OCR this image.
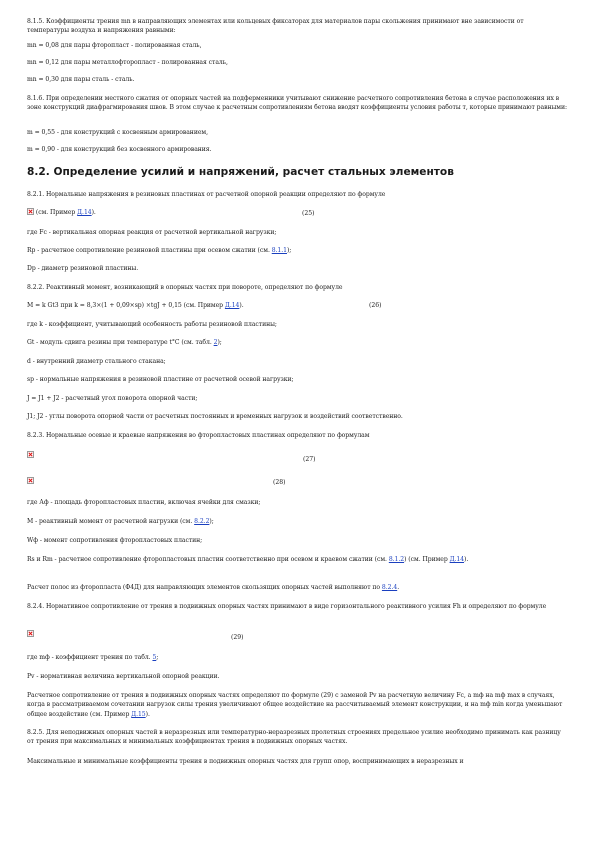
8.1.5. Коэффициенты трения mn в направляющих элементах или кольцевых фиксаторах для материалов пары скольжения принимают вне зависимости от температуры воздуха и напряжения равными:
mn = 0,08 для пары фторопласт - полированная сталь,
mn = 0,12 для пары металлофторопласт - полированная сталь,
mn = 0,30 для пары сталь - сталь.
8.1.6. При определении местного сжатия от опорных частей на подферменники учитывают снижение расчетного сопротивления бетона в случае расположения их в зоне конструкций диафрагмирования швов. В этом случае к расчетным сопротивлениям бетона вводят коэффициенты условия работы т, которые принимают равными:
m = 0,55 - для конструкций с косвенным армированием,
m = 0,90 - для конструкций без косвенного армирования.
8.2. Определение усилий и напряжений, расчет стальных элементов
8.2.1. Нормальные напряжения в резиновых пластинах от расчетной опорной реакции определяют по формуле
(см. Пример Д.14).	(25)
где Fc - вертикальная опорная реакция от расчетной вертикальной нагрузки;
Rp - расчетное сопротивление резиновой пластины при осевом сжатии (см. 8.1.1);
Dp - диаметр резиновой пластины.
8.2.2. Реактивный момент, возникающий в опорных частях при повороте, определяют по формуле
M = k Gt3 при k = 8,3×(1 + 0,09×sp) ×tgJ + 0,15 (см. Пример Д.14).	(26)
где k - коэффициент, учитывающий особенность работы резиновой пластины;
Gt - модуль сдвига резины при температуре t°C (см. табл. 2);
d - внутренний диаметр стального стакана;
sp - нормальные напряжения в резиновой пластине от расчетной осевой нагрузки;
J = J1 + J2 - расчетный угол поворота опорной части;
J1; J2 - углы поворота опорной части от расчетных постоянных и временных нагрузок и воздействий соответственно.
8.2.3. Нормальные осевые и краевые напряжения во фторопластовых пластинах определяют по формулам
(27)
(28)
где Аф - площадь фторопластовых пластин, включая ячейки для смазки;
M - реактивный момент от расчетной нагрузки (см. 8.2.2);
Wф - момент сопротивления фторопластовых пластин;
Rs и Rm - расчетное сопротивление фторопластовых пластин соответственно при осевом и краевом сжатии (см. 8.1.2) (см. Пример Д.14).
Расчет полос из фторопласта (Ф4Д) для направляющих элементов скользящих опорных частей выполняют по 8.2.4.
8.2.4. Нормативное сопротивление от трения в подвижных опорных частях принимают в виде горизонтального реактивного усилия Fh и определяют по формуле
(29)
где mф - коэффициент трения по табл. 5;
Pv - нормативная величина вертикальной опорной реакции.
Расчетное сопротивление от трения в подвижных опорных частях определяют по формуле (29) с заменой Pv на расчетную величину Fc, а mф на mф max в случаях, когда в рассматриваемом сочетании нагрузок силы трения увеличивают общее воздействие на рассчитываемый элемент конструкции, и на mф min когда уменьшают общее воздействие (см. Пример Д.15).
8.2.5. Для неподвижных опорных частей в неразрезных или температурно-неразрезных пролетных строениях предельное усилие необходимо принимать как разницу от трения при максимальных и минимальных коэффициентах трения в подвижных опорных частях.
Максимальные и минимальные коэффициенты трения в подвижных опорных частях для групп опор, воспринимающих в неразрезных и
